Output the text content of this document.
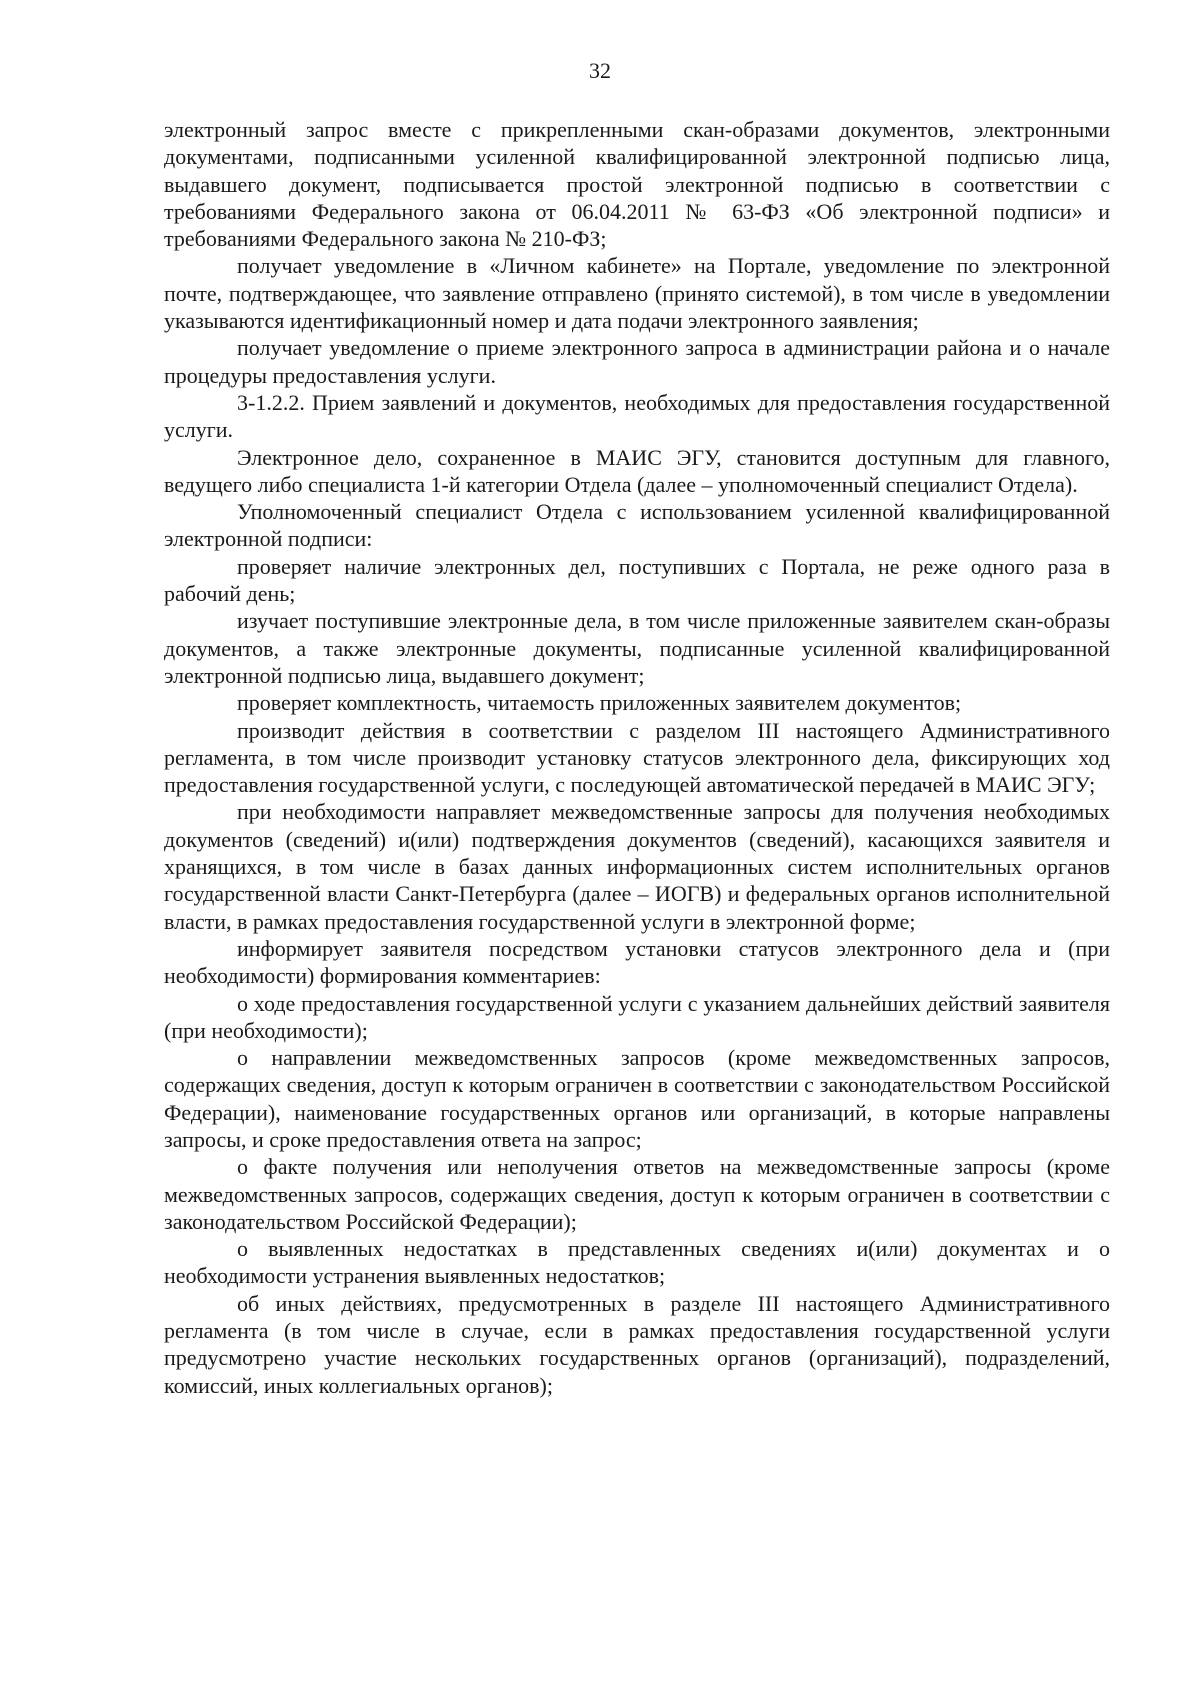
32

электронный запрос вместе с прикрепленными скан-образами документов, электронными документами, подписанными усиленной квалифицированной электронной подписью лица, выдавшего документ, подписывается простой электронной подписью в соответствии с требованиями Федерального закона от 06.04.2011 № 63-ФЗ «Об электронной подписи» и требованиями Федерального закона № 210-ФЗ;

получает уведомление в «Личном кабинете» на Портале, уведомление по электронной почте, подтверждающее, что заявление отправлено (принято системой), в том числе в уведомлении указываются идентификационный номер и дата подачи электронного заявления;

получает уведомление о приеме электронного запроса в администрации района и о начале процедуры предоставления услуги.

3-1.2.2. Прием заявлений и документов, необходимых для предоставления государственной услуги.

Электронное дело, сохраненное в МАИС ЭГУ, становится доступным для главного, ведущего либо специалиста 1-й категории Отдела (далее – уполномоченный специалист Отдела).

Уполномоченный специалист Отдела с использованием усиленной квалифицированной электронной подписи:

проверяет наличие электронных дел, поступивших с Портала, не реже одного раза в рабочий день;

изучает поступившие электронные дела, в том числе приложенные заявителем скан-образы документов, а также электронные документы, подписанные усиленной квалифицированной электронной подписью лица, выдавшего документ;

проверяет комплектность, читаемость приложенных заявителем документов;

производит действия в соответствии с разделом III настоящего Административного регламента, в том числе производит установку статусов электронного дела, фиксирующих ход предоставления государственной услуги, с последующей автоматической передачей в МАИС ЭГУ;

при необходимости направляет межведомственные запросы для получения необходимых документов (сведений) и(или) подтверждения документов (сведений), касающихся заявителя и хранящихся, в том числе в базах данных информационных систем исполнительных органов государственной власти Санкт-Петербурга (далее – ИОГВ) и федеральных органов исполнительной власти, в рамках предоставления государственной услуги в электронной форме;

информирует заявителя посредством установки статусов электронного дела и (при необходимости) формирования комментариев:

о ходе предоставления государственной услуги с указанием дальнейших действий заявителя (при необходимости);

о направлении межведомственных запросов (кроме межведомственных запросов, содержащих сведения, доступ к которым ограничен в соответствии с законодательством Российской Федерации), наименование государственных органов или организаций, в которые направлены запросы, и сроке предоставления ответа на запрос;

о факте получения или неполучения ответов на межведомственные запросы (кроме межведомственных запросов, содержащих сведения, доступ к которым ограничен в соответствии с законодательством Российской Федерации);

о выявленных недостатках в представленных сведениях и(или) документах и о необходимости устранения выявленных недостатков;

об иных действиях, предусмотренных в разделе III настоящего Административного регламента (в том числе в случае, если в рамках предоставления государственной услуги предусмотрено участие нескольких государственных органов (организаций), подразделений, комиссий, иных коллегиальных органов);
